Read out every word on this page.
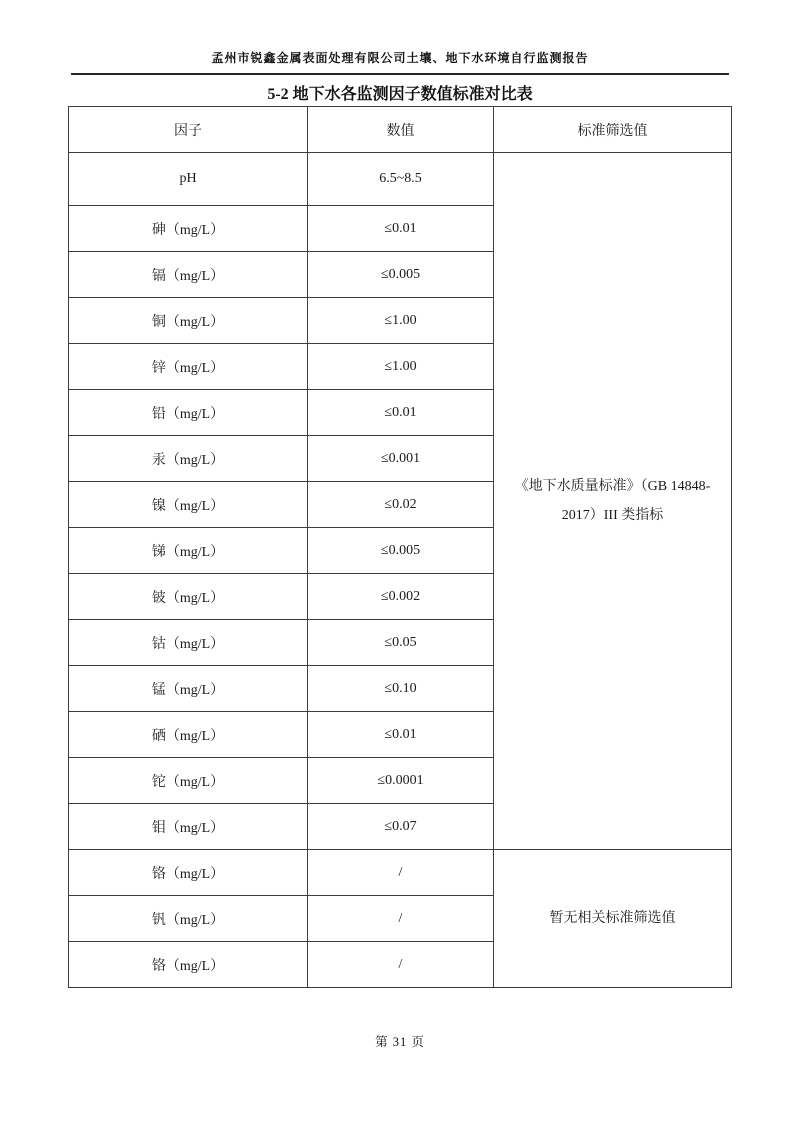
孟州市锐鑫金属表面处理有限公司土壤、地下水环境自行监测报告
5-2 地下水各监测因子数值标准对比表
因子	数值	标准筛选值
pH	6.5~8.5	《地下水质量标准》（GB 14848-2017）III 类指标
砷（mg/L）	≤0.01	
镉（mg/L）	≤0.005	
铜（mg/L）	≤1.00	
锌（mg/L）	≤1.00	
铅（mg/L）	≤0.01	
汞（mg/L）	≤0.001	
镍（mg/L）	≤0.02	
锑（mg/L）	≤0.005	
铍（mg/L）	≤0.002	
钴（mg/L）	≤0.05	
锰（mg/L）	≤0.10	
硒（mg/L）	≤0.01	
铊（mg/L）	≤0.0001	
钼（mg/L）	≤0.07	
铬（mg/L）	/	暂无相关标准筛选值
钒（mg/L）	/	
铬（mg/L）	/	
第 31 页
